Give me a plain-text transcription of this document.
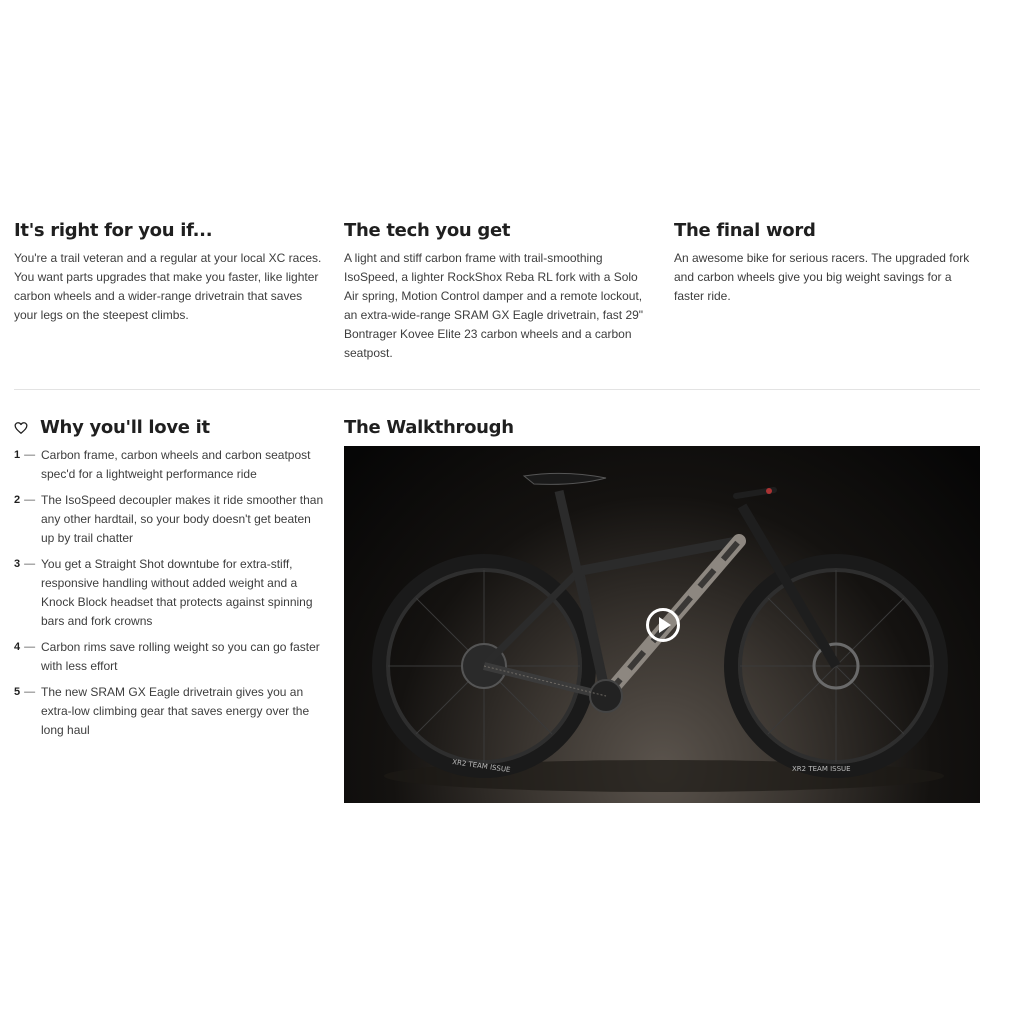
It's right for you if...

You're a trail veteran and a regular at your local XC races. You want parts upgrades that make you faster, like lighter carbon wheels and a wider-range drivetrain that saves your legs on the steepest climbs.

The tech you get

A light and stiff carbon frame with trail-smoothing IsoSpeed, a lighter RockShox Reba RL fork with a Solo Air spring, Motion Control damper and a remote lockout, an extra-wide-range SRAM GX Eagle drivetrain, fast 29" Bontrager Kovee Elite 23 carbon wheels and a carbon seatpost.

The final word

An awesome bike for serious racers. The upgraded fork and carbon wheels give you big weight savings for a faster ride.

Why you'll love it
1 — Carbon frame, carbon wheels and carbon seatpost spec'd for a lightweight performance ride
2 — The IsoSpeed decoupler makes it ride smoother than any other hardtail, so your body doesn't get beaten up by trail chatter
3 — You get a Straight Shot downtube for extra-stiff, responsive handling without added weight and a Knock Block headset that protects against spinning bars and fork crowns
4 — Carbon rims save rolling weight so you can go faster with less effort
5 — The new SRAM GX Eagle drivetrain gives you an extra-low climbing gear that saves energy over the long haul
The Walkthrough
XR2 TEAM ISSUE	XR2 TEAM ISSUE
